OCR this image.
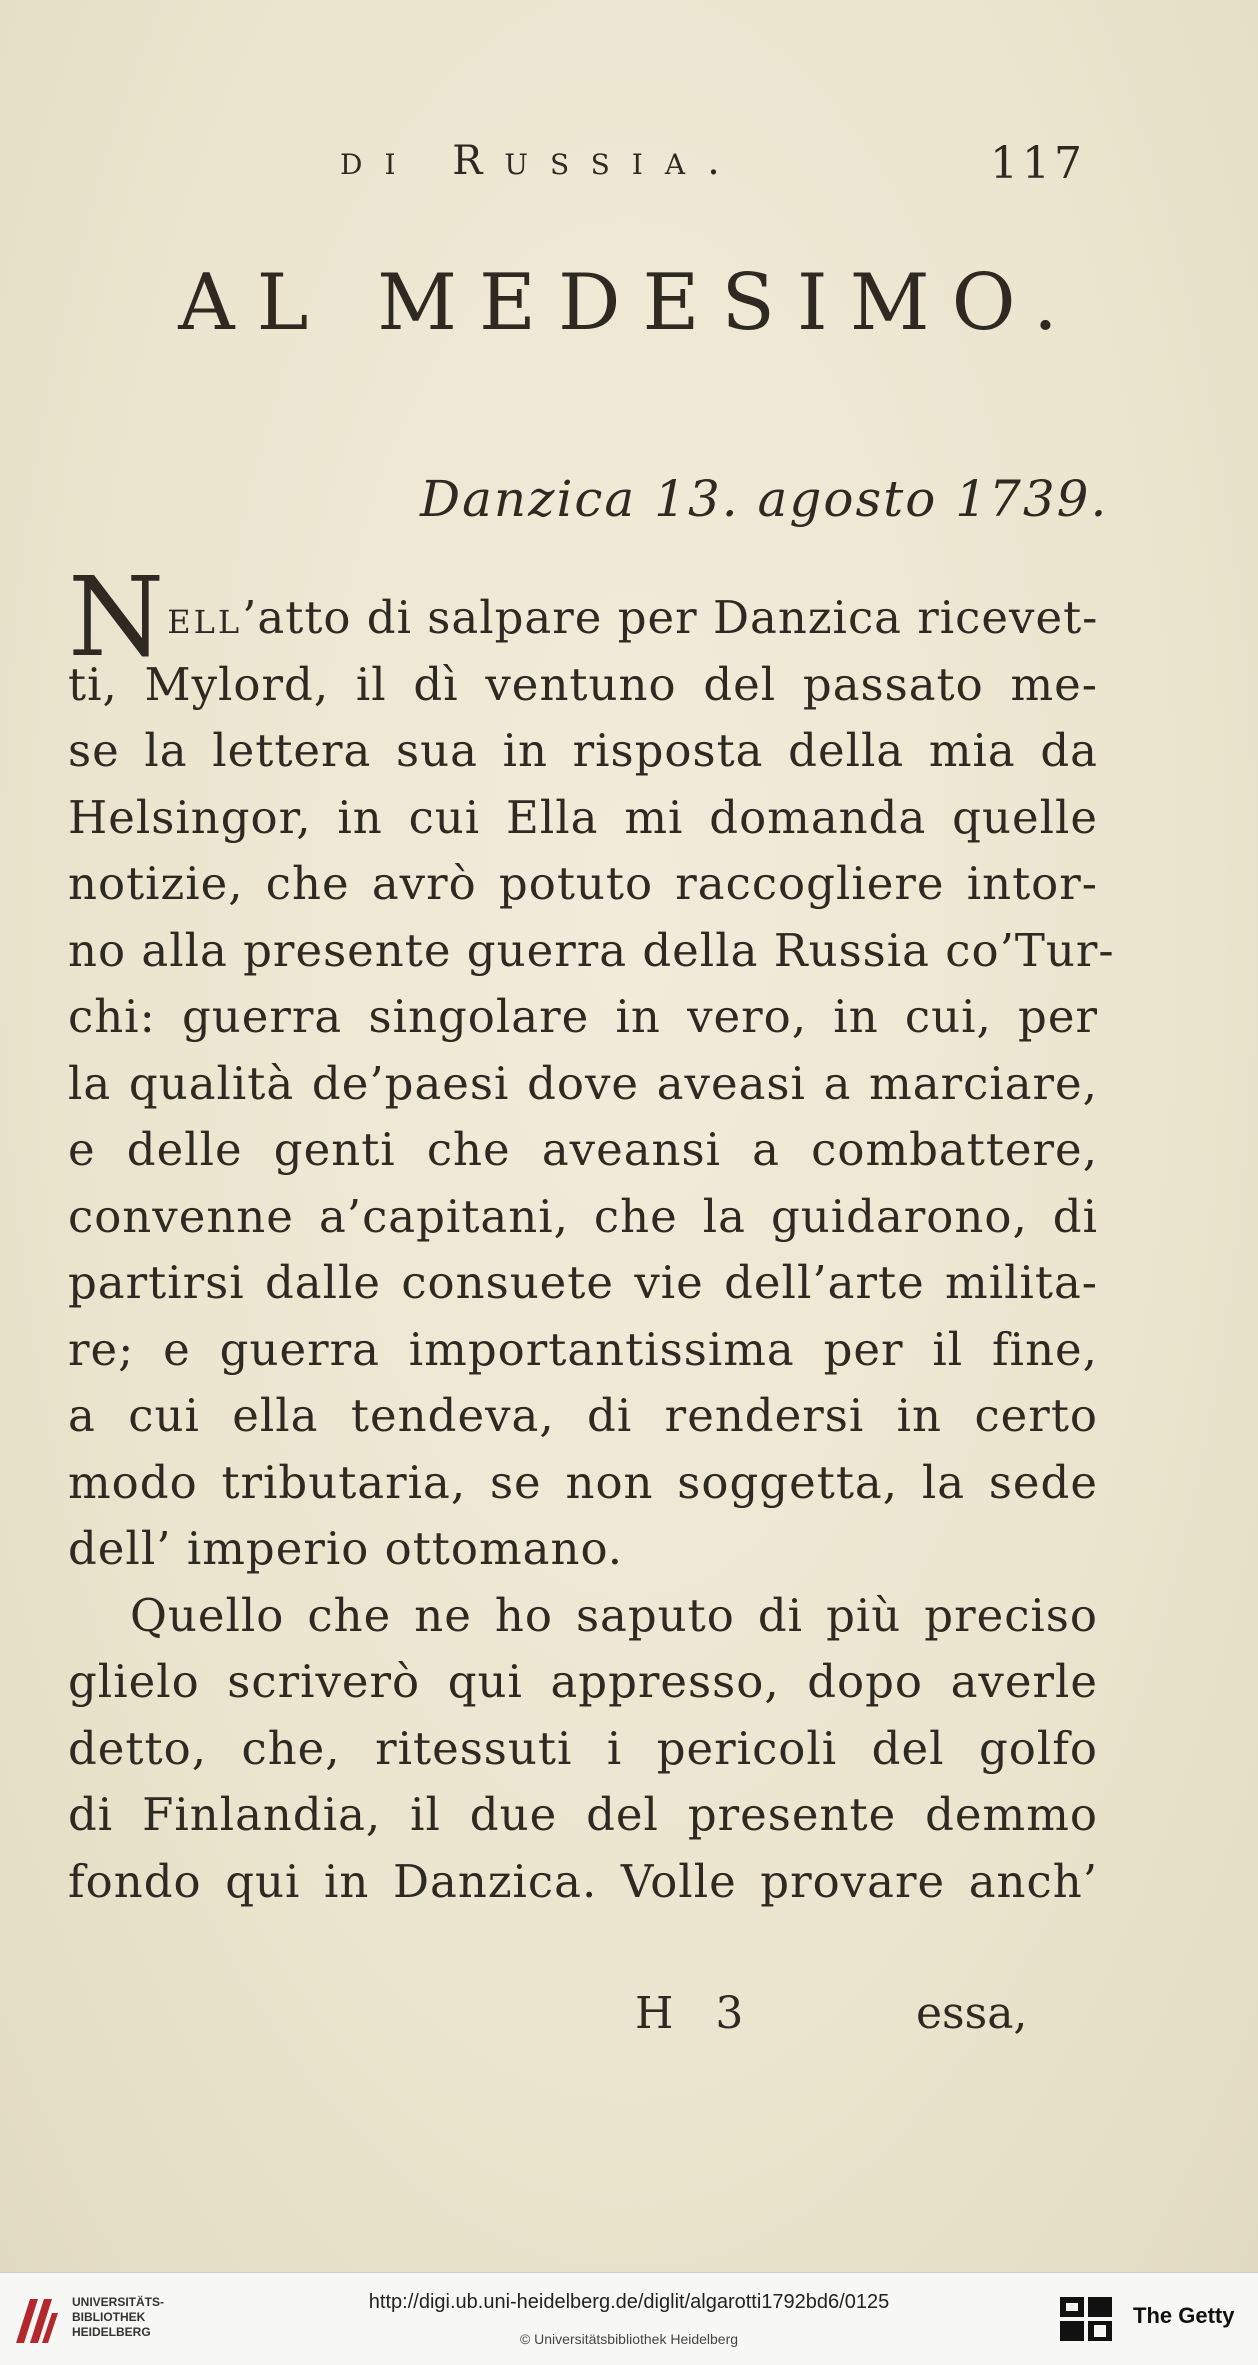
di Russia.	117
AL MEDESIMO.
Danzica 13. agosto 1739.
Nell’atto di salpare per Danzica ricevet-
ti, Mylord, il dì ventuno del passato me-
se la lettera sua in risposta della mia da
Helsingor, in cui Ella mi domanda quelle
notizie, che avrò potuto raccogliere intor-
no alla presente guerra della Russia co’Tur-
chi: guerra singolare in vero, in cui, per
la qualità de’paesi dove aveasi a marciare,
e delle genti che aveansi a combattere,
convenne a’capitani, che la guidarono, di
partirsi dalle consuete vie dell’arte milita-
re; e guerra importantissima per il fine,
a cui ella tendeva, di rendersi in certo
modo tributaria, se non soggetta, la sede
dell’ imperio ottomano.
Quello che ne ho saputo di più preciso
glielo scriverò qui appresso, dopo averle
detto, che, ritessuti i pericoli del golfo
di Finlandia, il due del presente demmo
fondo qui in Danzica. Volle provare anch’
H 3	essa,
UNIVERSITÄTS-
BIBLIOTHEK
HEIDELBERG
http://digi.ub.uni-heidelberg.de/diglit/algarotti1792bd6/0125
© Universitätsbibliothek Heidelberg
The Getty
